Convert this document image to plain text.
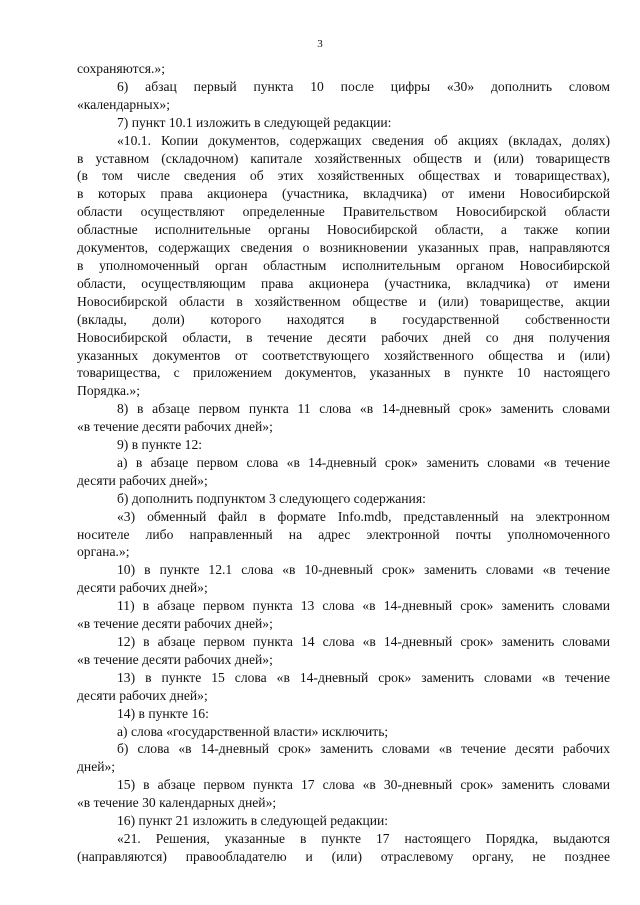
3
сохраняются.»;
6) абзац первый пункта 10 после цифры «30» дополнить словом
«календарных»;
7) пункт 10.1 изложить в следующей редакции:
«10.1. Копии документов, содержащих сведения об акциях (вкладах, долях)
в уставном (складочном) капитале хозяйственных обществ и (или) товариществ
(в том числе сведения об этих хозяйственных обществах и товариществах),
в которых права акционера (участника, вкладчика) от имени Новосибирской
области осуществляют определенные Правительством Новосибирской области
областные исполнительные органы Новосибирской области, а также копии
документов, содержащих сведения о возникновении указанных прав, направляются
в уполномоченный орган областным исполнительным органом Новосибирской
области, осуществляющим права акционера (участника, вкладчика) от имени
Новосибирской области в хозяйственном обществе и (или) товариществе, акции
(вклады, доли) которого находятся в государственной собственности
Новосибирской области, в течение десяти рабочих дней со дня получения
указанных документов от соответствующего хозяйственного общества и (или)
товарищества, с приложением документов, указанных в пункте 10 настоящего
Порядка.»;
8) в абзаце первом пункта 11 слова «в 14-дневный срок» заменить словами
«в течение десяти рабочих дней»;
9) в пункте 12:
а) в абзаце первом слова «в 14-дневный срок» заменить словами «в течение
десяти рабочих дней»;
б) дополнить подпунктом 3 следующего содержания:
«3) обменный файл в формате Info.mdb, представленный на электронном
носителе либо направленный на адрес электронной почты уполномоченного
органа.»;
10) в пункте 12.1 слова «в 10-дневный срок» заменить словами «в течение
десяти рабочих дней»;
11) в абзаце первом пункта 13 слова «в 14-дневный срок» заменить словами
«в течение десяти рабочих дней»;
12) в абзаце первом пункта 14 слова «в 14-дневный срок» заменить словами
«в течение десяти рабочих дней»;
13) в пункте 15 слова «в 14-дневный срок» заменить словами «в течение
десяти рабочих дней»;
14) в пункте 16:
а) слова «государственной власти» исключить;
б) слова «в 14-дневный срок» заменить словами «в течение десяти рабочих
дней»;
15) в абзаце первом пункта 17 слова «в 30-дневный срок» заменить словами
«в течение 30 календарных дней»;
16) пункт 21 изложить в следующей редакции:
«21. Решения, указанные в пункте 17 настоящего Порядка, выдаются
(направляются) правообладателю и (или) отраслевому органу, не позднее
